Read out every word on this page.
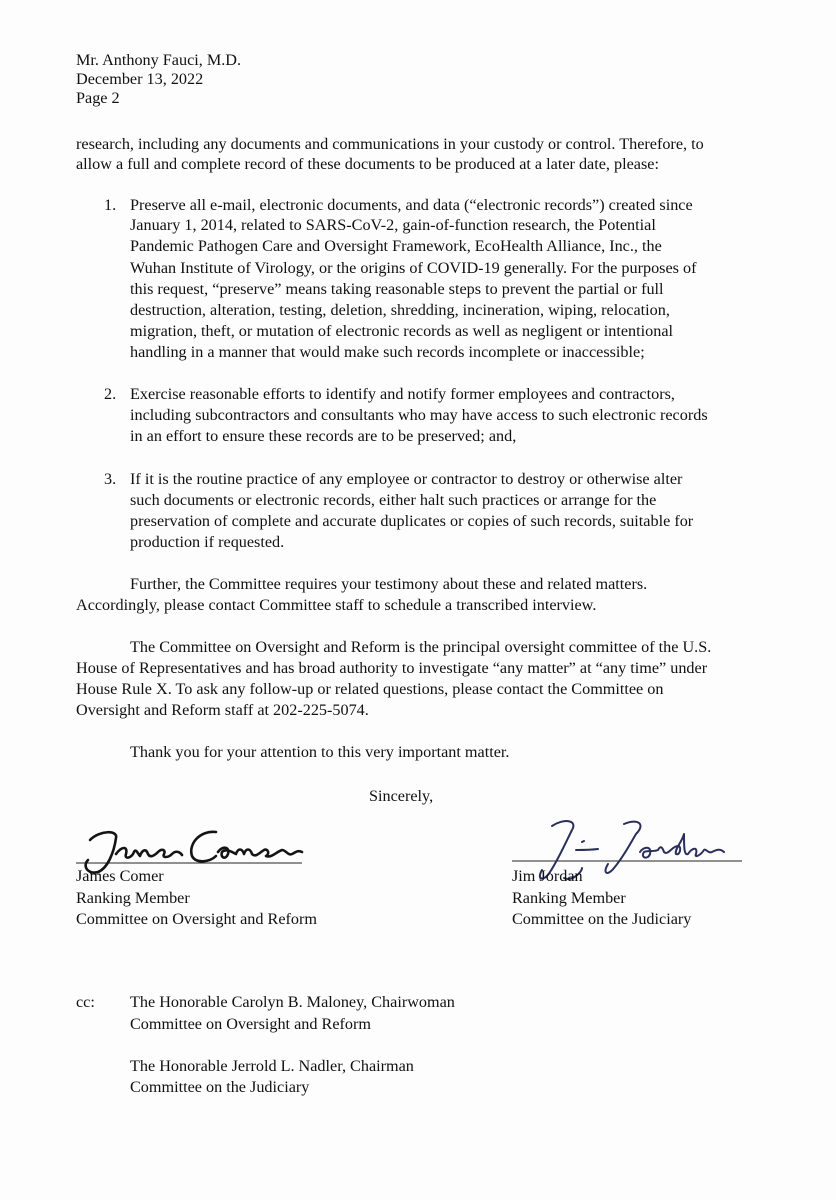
Mr. Anthony Fauci, M.D.
December 13, 2022
Page 2
research, including any documents and communications in your custody or control. Therefore, to
allow a full and complete record of these documents to be produced at a later date, please:
1. Preserve all e-mail, electronic documents, and data (“electronic records”) created since
January 1, 2014, related to SARS-CoV-2, gain-of-function research, the Potential
Pandemic Pathogen Care and Oversight Framework, EcoHealth Alliance, Inc., the
Wuhan Institute of Virology, or the origins of COVID-19 generally. For the purposes of
this request, “preserve” means taking reasonable steps to prevent the partial or full
destruction, alteration, testing, deletion, shredding, incineration, wiping, relocation,
migration, theft, or mutation of electronic records as well as negligent or intentional
handling in a manner that would make such records incomplete or inaccessible;
2. Exercise reasonable efforts to identify and notify former employees and contractors,
including subcontractors and consultants who may have access to such electronic records
in an effort to ensure these records are to be preserved; and,
3. If it is the routine practice of any employee or contractor to destroy or otherwise alter
such documents or electronic records, either halt such practices or arrange for the
preservation of complete and accurate duplicates or copies of such records, suitable for
production if requested.
Further, the Committee requires your testimony about these and related matters.
Accordingly, please contact Committee staff to schedule a transcribed interview.
The Committee on Oversight and Reform is the principal oversight committee of the U.S.
House of Representatives and has broad authority to investigate “any matter” at “any time” under
House Rule X. To ask any follow-up or related questions, please contact the Committee on
Oversight and Reform staff at 202-225-5074.
Thank you for your attention to this very important matter.
Sincerely,
James Comer
Ranking Member
Committee on Oversight and Reform
Jim Jordan
Ranking Member
Committee on the Judiciary
cc: The Honorable Carolyn B. Maloney, Chairwoman
Committee on Oversight and Reform
The Honorable Jerrold L. Nadler, Chairman
Committee on the Judiciary
